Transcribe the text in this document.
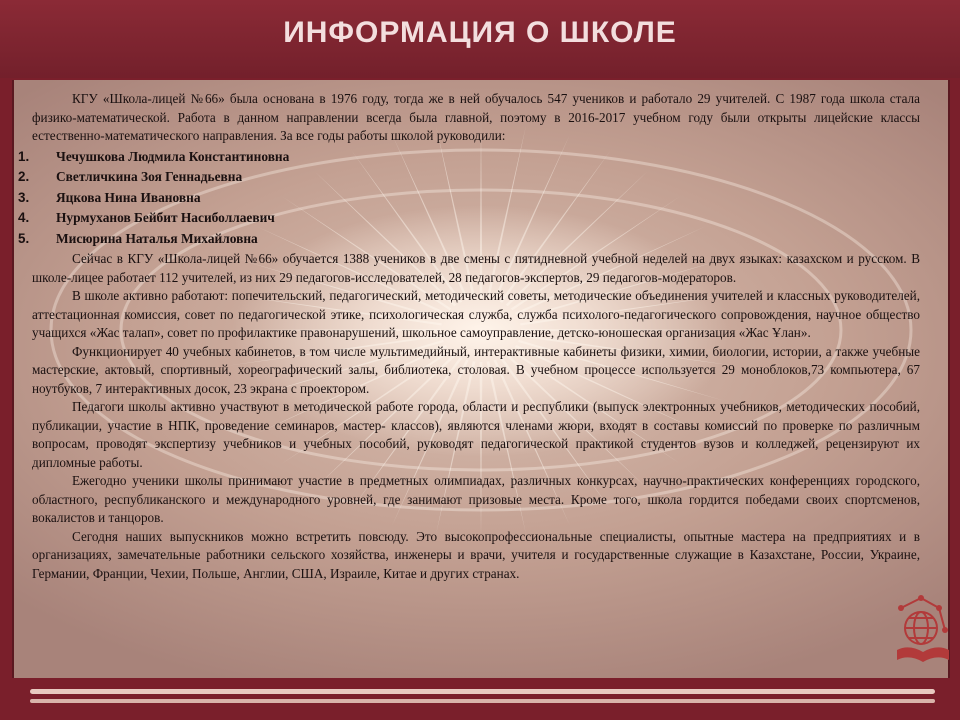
ИНФОРМАЦИЯ О ШКОЛЕ

КГУ «Школа-лицей №66» была основана в 1976 году, тогда же в ней обучалось 547 учеников и работало 29 учителей. С 1987 года школа стала физико-математической. Работа в данном направлении всегда была главной, поэтому в 2016-2017 учебном году были открыты лицейские классы естественно-математического направления. За все годы работы школой руководили:

1.	Чечушкова Людмила Константиновна
2.	Светличкина Зоя Геннадьевна
3.	Яцкова Нина Ивановна
4.	Нурмуханов Бейбит Насиболлаевич
5.	Мисюрина Наталья Михайловна

Сейчас в КГУ «Школа-лицей №66» обучается 1388 учеников в две смены с пятидневной учебной неделей на двух языках: казахском и русском. В школе-лицее работает 112 учителей, из них 29 педагогов-исследователей, 28 педагогов-экспертов, 29 педагогов-модераторов.

В школе активно работают: попечительский, педагогический, методический советы, методические объединения учителей и классных руководителей, аттестационная комиссия, совет по педагогической этике, психологическая служба, служба психолого-педагогического сопровождения, научное общество учащихся «Жас талап», совет по профилактике правонарушений, школьное самоуправление, детско-юношеская организация «Жас Ұлан».

Функционирует 40 учебных кабинетов, в том числе мультимедийный, интерактивные кабинеты физики, химии, биологии, истории, а также учебные мастерские, актовый, спортивный, хореографический залы, библиотека, столовая. В учебном процессе используется 29 моноблоков,73 компьютера, 67 ноутбуков, 7 интерактивных досок, 23 экрана с проектором.

Педагоги школы активно участвуют в методической работе города, области и республики (выпуск электронных учебников, методических пособий, публикации, участие в НПК, проведение семинаров, мастер- классов), являются членами жюри, входят в составы комиссий по проверке по различным вопросам, проводят экспертизу учебников и учебных пособий, руководят педагогической практикой студентов вузов и колледжей, рецензируют их дипломные работы.

Ежегодно ученики школы принимают участие в предметных олимпиадах, различных конкурсах, научно-практических конференциях городского, областного, республиканского и международного уровней, где занимают призовые места. Кроме того, школа гордится победами своих спортсменов, вокалистов и танцоров.

Сегодня наших выпускников можно встретить повсюду. Это высокопрофессиональные специалисты, опытные мастера на предприятиях и в организациях, замечательные работники сельского хозяйства, инженеры и врачи, учителя и государственные служащие в Казахстане, России, Украине, Германии, Франции, Чехии, Польше, Англии, США, Израиле, Китае и других странах.
